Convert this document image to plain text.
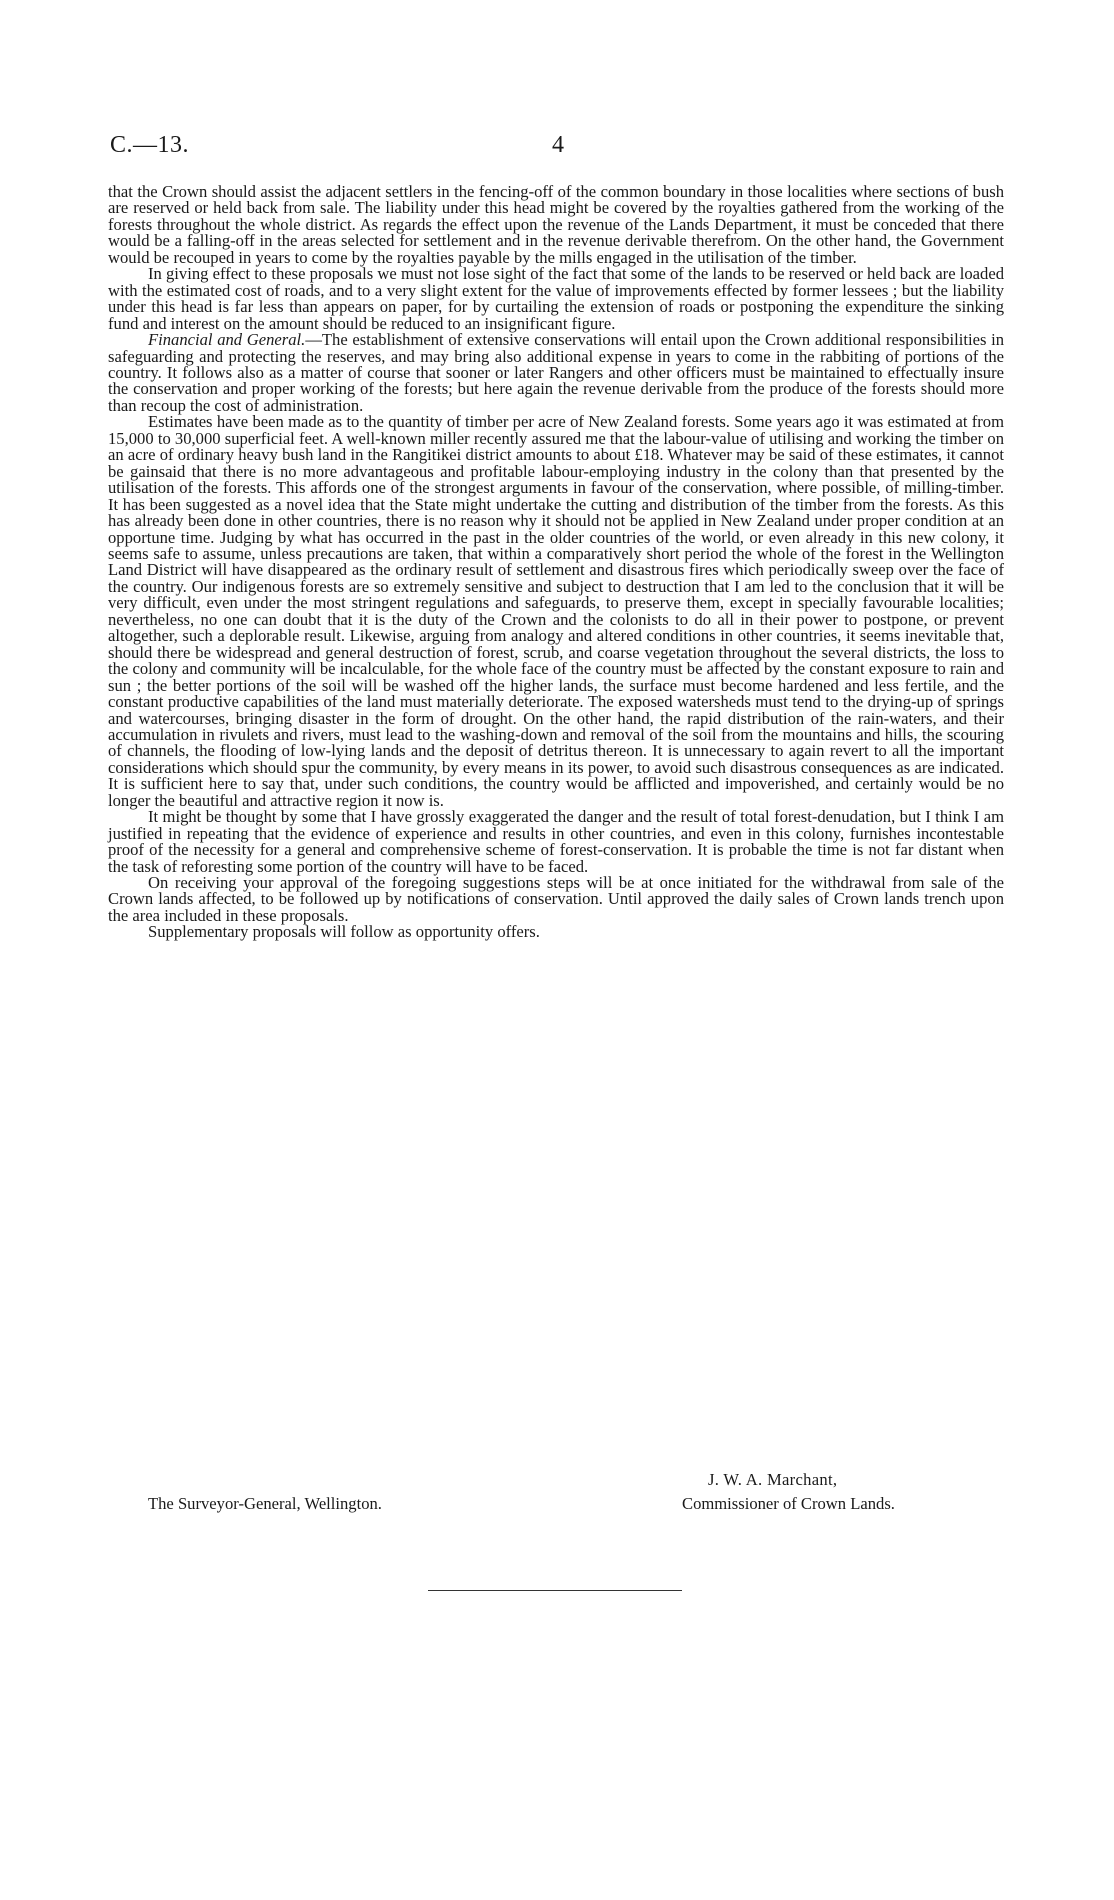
C.—13.	4

that the Crown should assist the adjacent settlers in the fencing-off of the common boundary in those localities where sections of bush are reserved or held back from sale. The liability under this head might be covered by the royalties gathered from the working of the forests throughout the whole district. As regards the effect upon the revenue of the Lands Department, it must be conceded that there would be a falling-off in the areas selected for settlement and in the revenue derivable therefrom. On the other hand, the Government would be recouped in years to come by the royalties payable by the mills engaged in the utilisation of the timber.

In giving effect to these proposals we must not lose sight of the fact that some of the lands to be reserved or held back are loaded with the estimated cost of roads, and to a very slight extent for the value of improvements effected by former lessees ; but the liability under this head is far less than appears on paper, for by curtailing the extension of roads or postponing the expenditure the sinking fund and interest on the amount should be reduced to an insignificant figure.

Financial and General.—The establishment of extensive conservations will entail upon the Crown additional responsibilities in safeguarding and protecting the reserves, and may bring also additional expense in years to come in the rabbiting of portions of the country. It follows also as a matter of course that sooner or later Rangers and other officers must be maintained to effectually insure the conservation and proper working of the forests; but here again the revenue derivable from the produce of the forests should more than recoup the cost of administration.

Estimates have been made as to the quantity of timber per acre of New Zealand forests. Some years ago it was estimated at from 15,000 to 30,000 superficial feet. A well-known miller recently assured me that the labour-value of utilising and working the timber on an acre of ordinary heavy bush land in the Rangitikei district amounts to about £18. Whatever may be said of these estimates, it cannot be gainsaid that there is no more advantageous and profitable labour-employing industry in the colony than that presented by the utilisation of the forests. This affords one of the strongest arguments in favour of the conservation, where possible, of milling-timber. It has been suggested as a novel idea that the State might undertake the cutting and distribution of the timber from the forests. As this has already been done in other countries, there is no reason why it should not be applied in New Zealand under proper condition at an opportune time. Judging by what has occurred in the past in the older countries of the world, or even already in this new colony, it seems safe to assume, unless precautions are taken, that within a comparatively short period the whole of the forest in the Wellington Land District will have disappeared as the ordinary result of settlement and disastrous fires which periodically sweep over the face of the country. Our indigenous forests are so extremely sensitive and subject to destruction that I am led to the conclusion that it will be very difficult, even under the most stringent regulations and safeguards, to preserve them, except in specially favourable localities; nevertheless, no one can doubt that it is the duty of the Crown and the colonists to do all in their power to postpone, or prevent altogether, such a deplorable result. Likewise, arguing from analogy and altered conditions in other countries, it seems inevitable that, should there be widespread and general destruction of forest, scrub, and coarse vegetation throughout the several districts, the loss to the colony and community will be incalculable, for the whole face of the country must be affected by the constant exposure to rain and sun ; the better portions of the soil will be washed off the higher lands, the surface must become hardened and less fertile, and the constant productive capabilities of the land must materially deteriorate. The exposed watersheds must tend to the drying-up of springs and watercourses, bringing disaster in the form of drought. On the other hand, the rapid distribution of the rain-waters, and their accumulation in rivulets and rivers, must lead to the washing-down and removal of the soil from the mountains and hills, the scouring of channels, the flooding of low-lying lands and the deposit of detritus thereon. It is unnecessary to again revert to all the important considerations which should spur the community, by every means in its power, to avoid such disastrous consequences as are indicated. It is sufficient here to say that, under such conditions, the country would be afflicted and impoverished, and certainly would be no longer the beautiful and attractive region it now is.

It might be thought by some that I have grossly exaggerated the danger and the result of total forest-denudation, but I think I am justified in repeating that the evidence of experience and results in other countries, and even in this colony, furnishes incontestable proof of the necessity for a general and comprehensive scheme of forest-conservation. It is probable the time is not far distant when the task of reforesting some portion of the country will have to be faced.

On receiving your approval of the foregoing suggestions steps will be at once initiated for the withdrawal from sale of the Crown lands affected, to be followed up by notifications of conservation. Until approved the daily sales of Crown lands trench upon the area included in these proposals.

Supplementary proposals will follow as opportunity offers.

J. W. A. Marchant,
The Surveyor-General, Wellington.	Commissioner of Crown Lands.
